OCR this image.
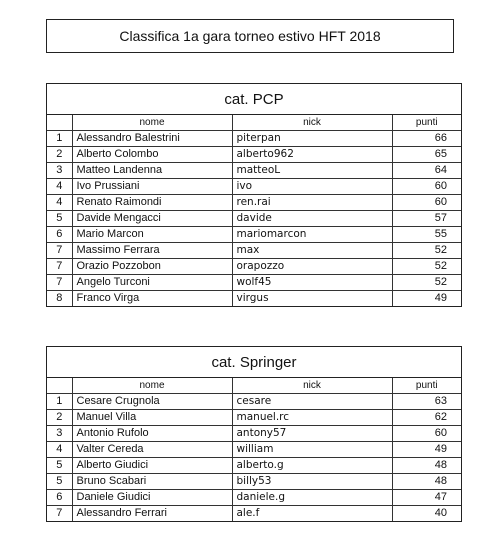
Classifica 1a gara torneo estivo HFT 2018
cat. PCP
	nome	nick	punti
1	Alessandro Balestrini	piterpan	66
2	Alberto Colombo	alberto962	65
3	Matteo Landenna	matteoL	64
4	Ivo Prussiani	ivo	60
4	Renato Raimondi	ren.rai	60
5	Davide Mengacci	davide	57
6	Mario Marcon	mariomarcon	55
7	Massimo Ferrara	max	52
7	Orazio Pozzobon	orapozzo	52
7	Angelo Turconi	wolf45	52
8	Franco Virga	virgus	49
cat. Springer
	nome	nick	punti
1	Cesare Crugnola	cesare	63
2	Manuel Villa	manuel.rc	62
3	Antonio Rufolo	antony57	60
4	Valter Cereda	william	49
5	Alberto Giudici	alberto.g	48
5	Bruno Scabari	billy53	48
6	Daniele Giudici	daniele.g	47
7	Alessandro Ferrari	ale.f	40
